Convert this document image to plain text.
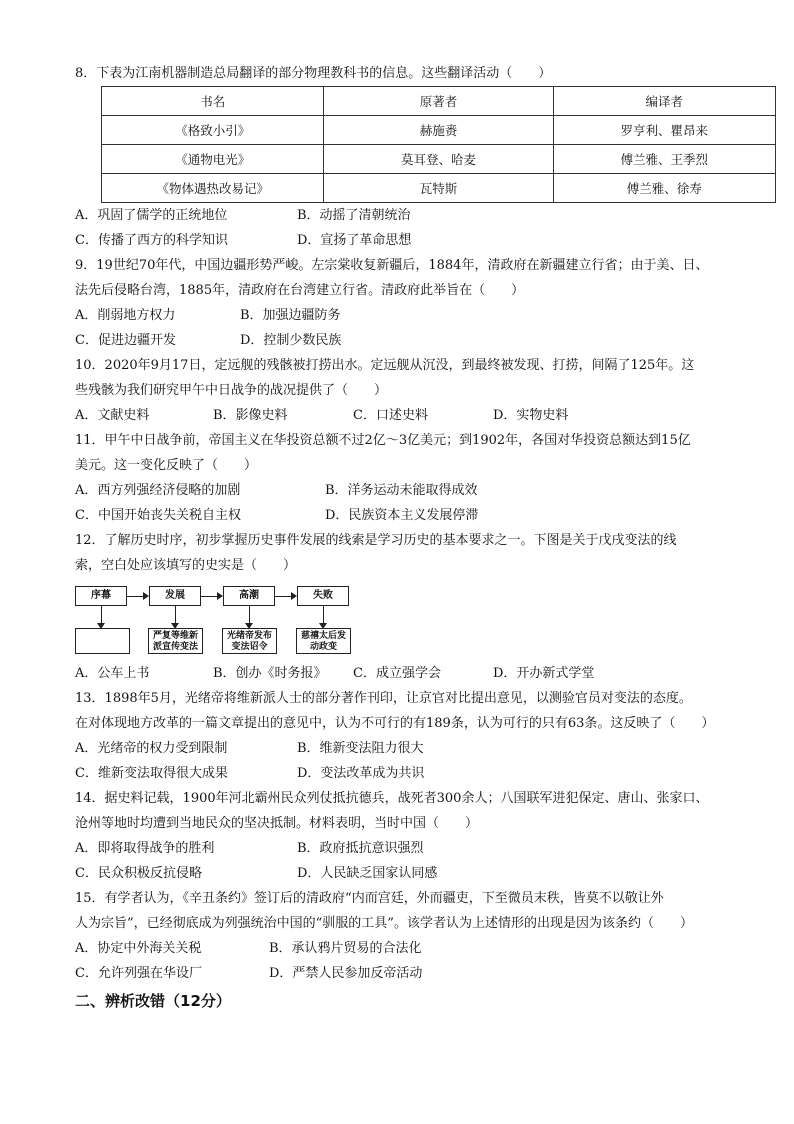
8．下表为江南机器制造总局翻译的部分物理教科书的信息。这些翻译活动（　　）
书名	原著者	编译者
《格致小引》	赫施赉	罗亨利、瞿昂来
《通物电光》	莫耳登、哈麦	傅兰雅、王季烈
《物体遇热改易记》	瓦特斯	傅兰雅、徐寿
A．巩固了儒学的正统地位	B．动摇了清朝统治
C．传播了西方的科学知识	D．宣扬了革命思想
9．19世纪70年代，中国边疆形势严峻。左宗棠收复新疆后，1884年，清政府在新疆建立行省；由于美、日、
法先后侵略台湾，1885年，清政府在台湾建立行省。清政府此举旨在（　　）
A．削弱地方权力	B．加强边疆防务
C．促进边疆开发	D．控制少数民族
10．2020年9月17日，定远舰的残骸被打捞出水。定远舰从沉没，到最终被发现、打捞，间隔了125年。这
些残骸为我们研究甲午中日战争的战况提供了（　　）
A．文献史料	B．影像史料	C．口述史料	D．实物史料
11．甲午中日战争前，帝国主义在华投资总额不过2亿～3亿美元；到1902年，各国对华投资总额达到15亿
美元。这一变化反映了（　　）
A．西方列强经济侵略的加剧	B．洋务运动未能取得成效
C．中国开始丧失关税自主权	D．民族资本主义发展停滞
12．了解历史时序，初步掌握历史事件发展的线索是学习历史的基本要求之一。下图是关于戊戌变法的线
索，空白处应该填写的史实是（　　）
序幕	发展	高潮	失败
严复等维新派宣传变法
光绪帝发布变法诏令
慈禧太后发动政变
A．公车上书	B．创办《时务报》 C．成立强学会	D．开办新式学堂
13．1898年5月，光绪帝将维新派人士的部分著作刊印，让京官对比提出意见，以测验官员对变法的态度。
在对体现地方改革的一篇文章提出的意见中，认为不可行的有189条，认为可行的只有63条。这反映了（　　）
A．光绪帝的权力受到限制	B．维新变法阻力很大
C．维新变法取得很大成果	D．变法改革成为共识
14．据史料记载，1900年河北霸州民众列仗抵抗德兵，战死者300余人；八国联军进犯保定、唐山、张家口、
沧州等地时均遭到当地民众的坚决抵制。材料表明，当时中国（　　）
A．即将取得战争的胜利	B．政府抵抗意识强烈
C．民众积极反抗侵略	D．人民缺乏国家认同感
15．有学者认为，《辛丑条约》签订后的清政府“内而宫廷，外而疆吏，下至微员末秩，皆莫不以敬让外
人为宗旨”，已经彻底成为列强统治中国的“驯服的工具”。该学者认为上述情形的出现是因为该条约（　　）
A．协定中外海关关税	B．承认鸦片贸易的合法化
C．允许列强在华设厂	D．严禁人民参加反帝活动
二、辨析改错（12分）
